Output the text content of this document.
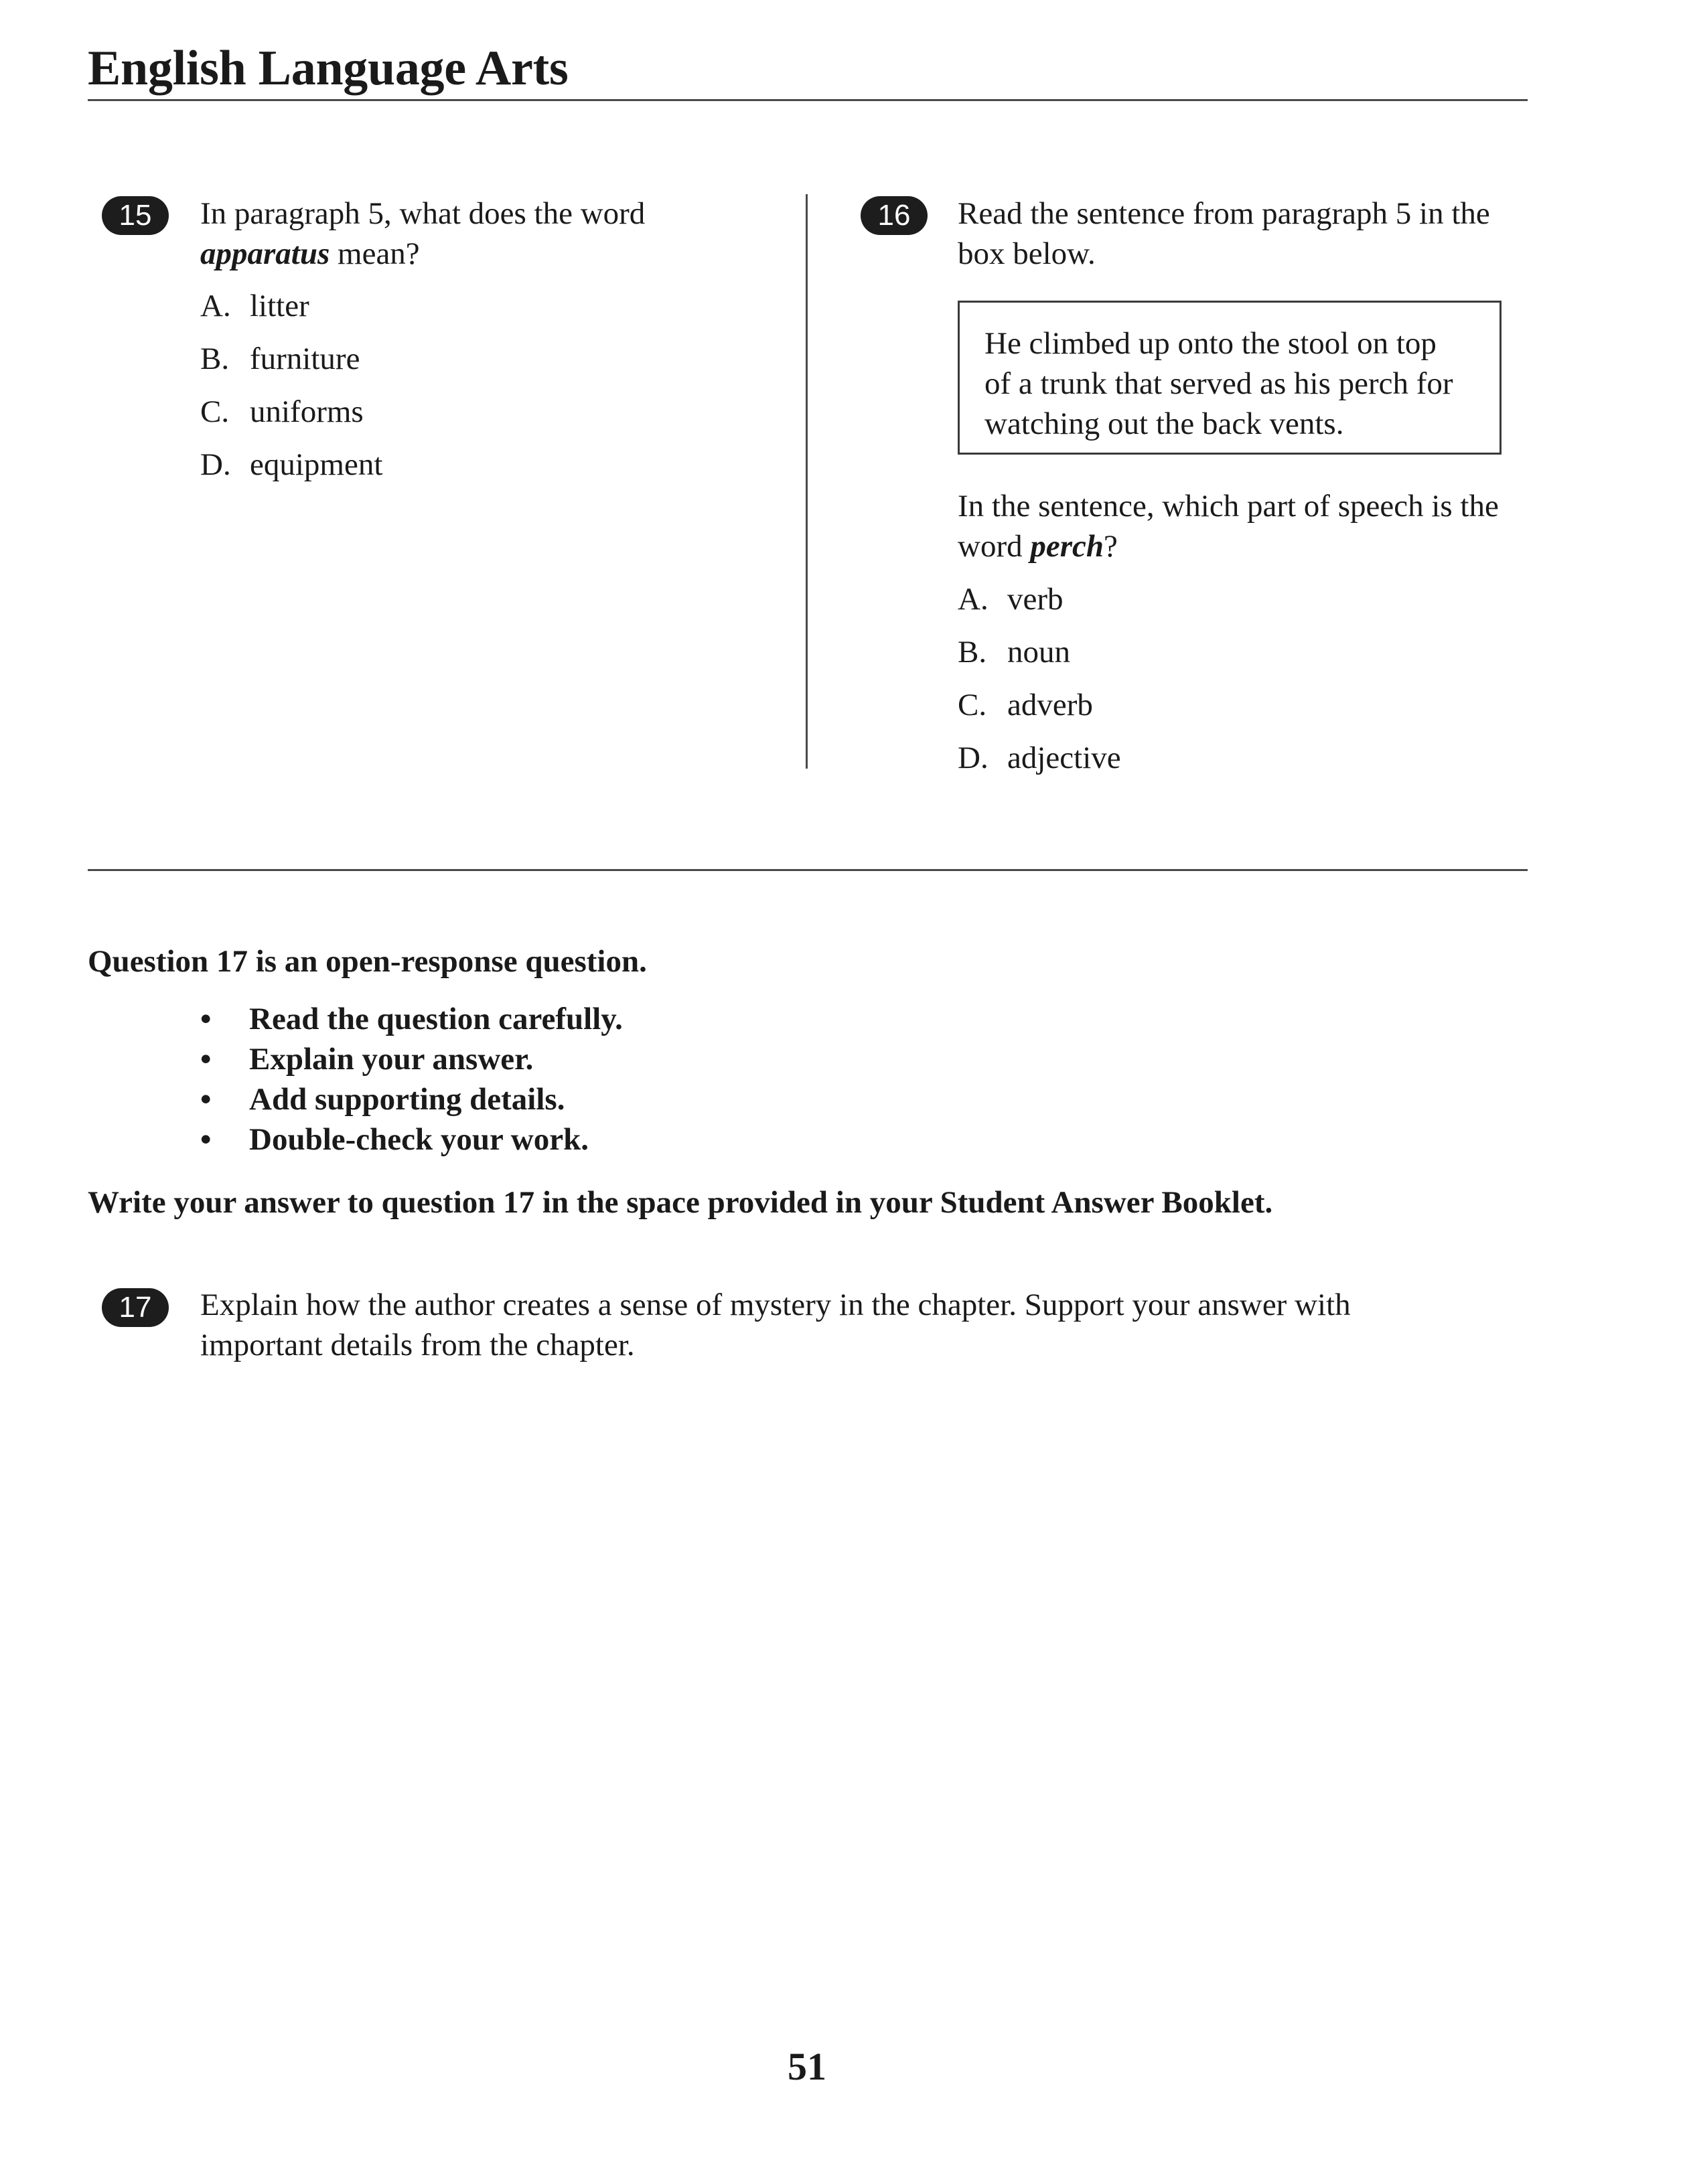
English Language Arts
15	In paragraph 5, what does the word
apparatus mean?
A. litter
B. furniture
C. uniforms
D. equipment
16	Read the sentence from paragraph 5 in the box below.
He climbed up onto the stool on top
of a trunk that served as his perch for
watching out the back vents.
In the sentence, which part of speech is the word perch?
A. verb
B. noun
C. adverb
D. adjective
Question 17 is an open-response question.
• Read the question carefully.
• Explain your answer.
• Add supporting details.
• Double-check your work.
Write your answer to question 17 in the space provided in your Student Answer Booklet.
17	Explain how the author creates a sense of mystery in the chapter. Support your answer with
important details from the chapter.
51
